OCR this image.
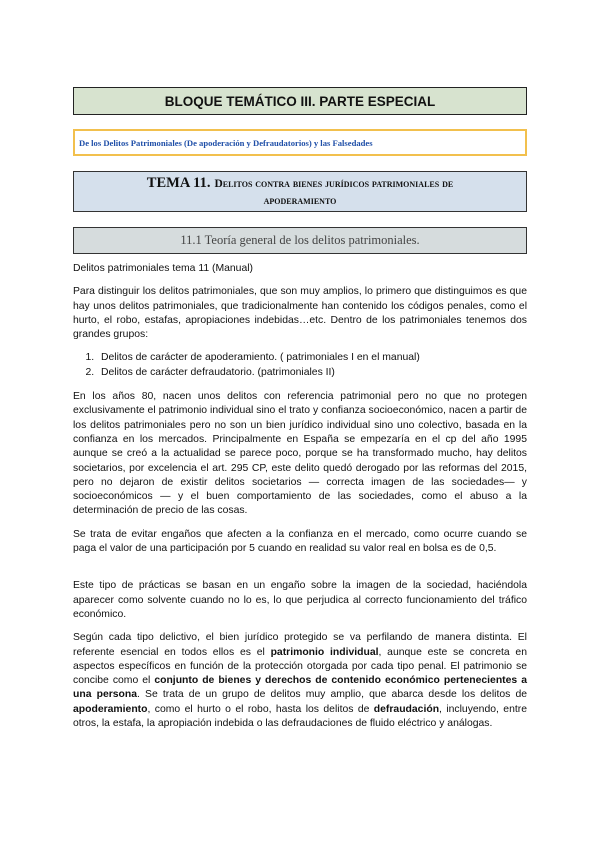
BLOQUE TEMÁTICO III. PARTE ESPECIAL
De los Delitos Patrimoniales (De apoderación y Defraudatorios) y las Falsedades
TEMA 11. Delitos contra bienes jurídicos patrimoniales de
apoderamiento
11.1 Teoría general de los delitos patrimoniales.

Delitos patrimoniales tema 11 (Manual)

Para distinguir los delitos patrimoniales, que son muy amplios, lo primero que distinguimos es que hay unos delitos patrimoniales, que tradicionalmente han contenido los códigos penales, como el hurto, el robo, estafas, apropiaciones indebidas…etc. Dentro de los patrimoniales tenemos dos grandes grupos:

1. Delitos de carácter de apoderamiento. ( patrimoniales I en el manual)
2. Delitos de carácter defraudatorio. (patrimoniales II)

En los años 80, nacen unos delitos con referencia patrimonial pero no que no protegen exclusivamente el patrimonio individual sino el trato y confianza socioeconómico, nacen a partir de los delitos patrimoniales pero no son un bien jurídico individual sino uno colectivo, basada en la confianza en los mercados. Principalmente en España se empezaría en el cp del año 1995 aunque se creó a la actualidad se parece poco, porque se ha transformado mucho, hay delitos societarios, por excelencia el art. 295 CP, este delito quedó derogado por las reformas del 2015, pero no dejaron de existir delitos societarios — correcta imagen de las sociedades— y socioeconómicos — y el buen comportamiento de las sociedades, como el abuso a la determinación de precio de las cosas.

Se trata de evitar engaños que afecten a la confianza en el mercado, como ocurre cuando se paga el valor de una participación por 5 cuando en realidad su valor real en bolsa es de 0,5.

Este tipo de prácticas se basan en un engaño sobre la imagen de la sociedad, haciéndola aparecer como solvente cuando no lo es, lo que perjudica al correcto funcionamiento del tráfico económico.

Según cada tipo delictivo, el bien jurídico protegido se va perfilando de manera distinta. El referente esencial en todos ellos es el patrimonio individual, aunque este se concreta en aspectos específicos en función de la protección otorgada por cada tipo penal. El patrimonio se concibe como el conjunto de bienes y derechos de contenido económico pertenecientes a una persona. Se trata de un grupo de delitos muy amplio, que abarca desde los delitos de apoderamiento, como el hurto o el robo, hasta los delitos de defraudación, incluyendo, entre otros, la estafa, la apropiación indebida o las defraudaciones de fluido eléctrico y análogas.
